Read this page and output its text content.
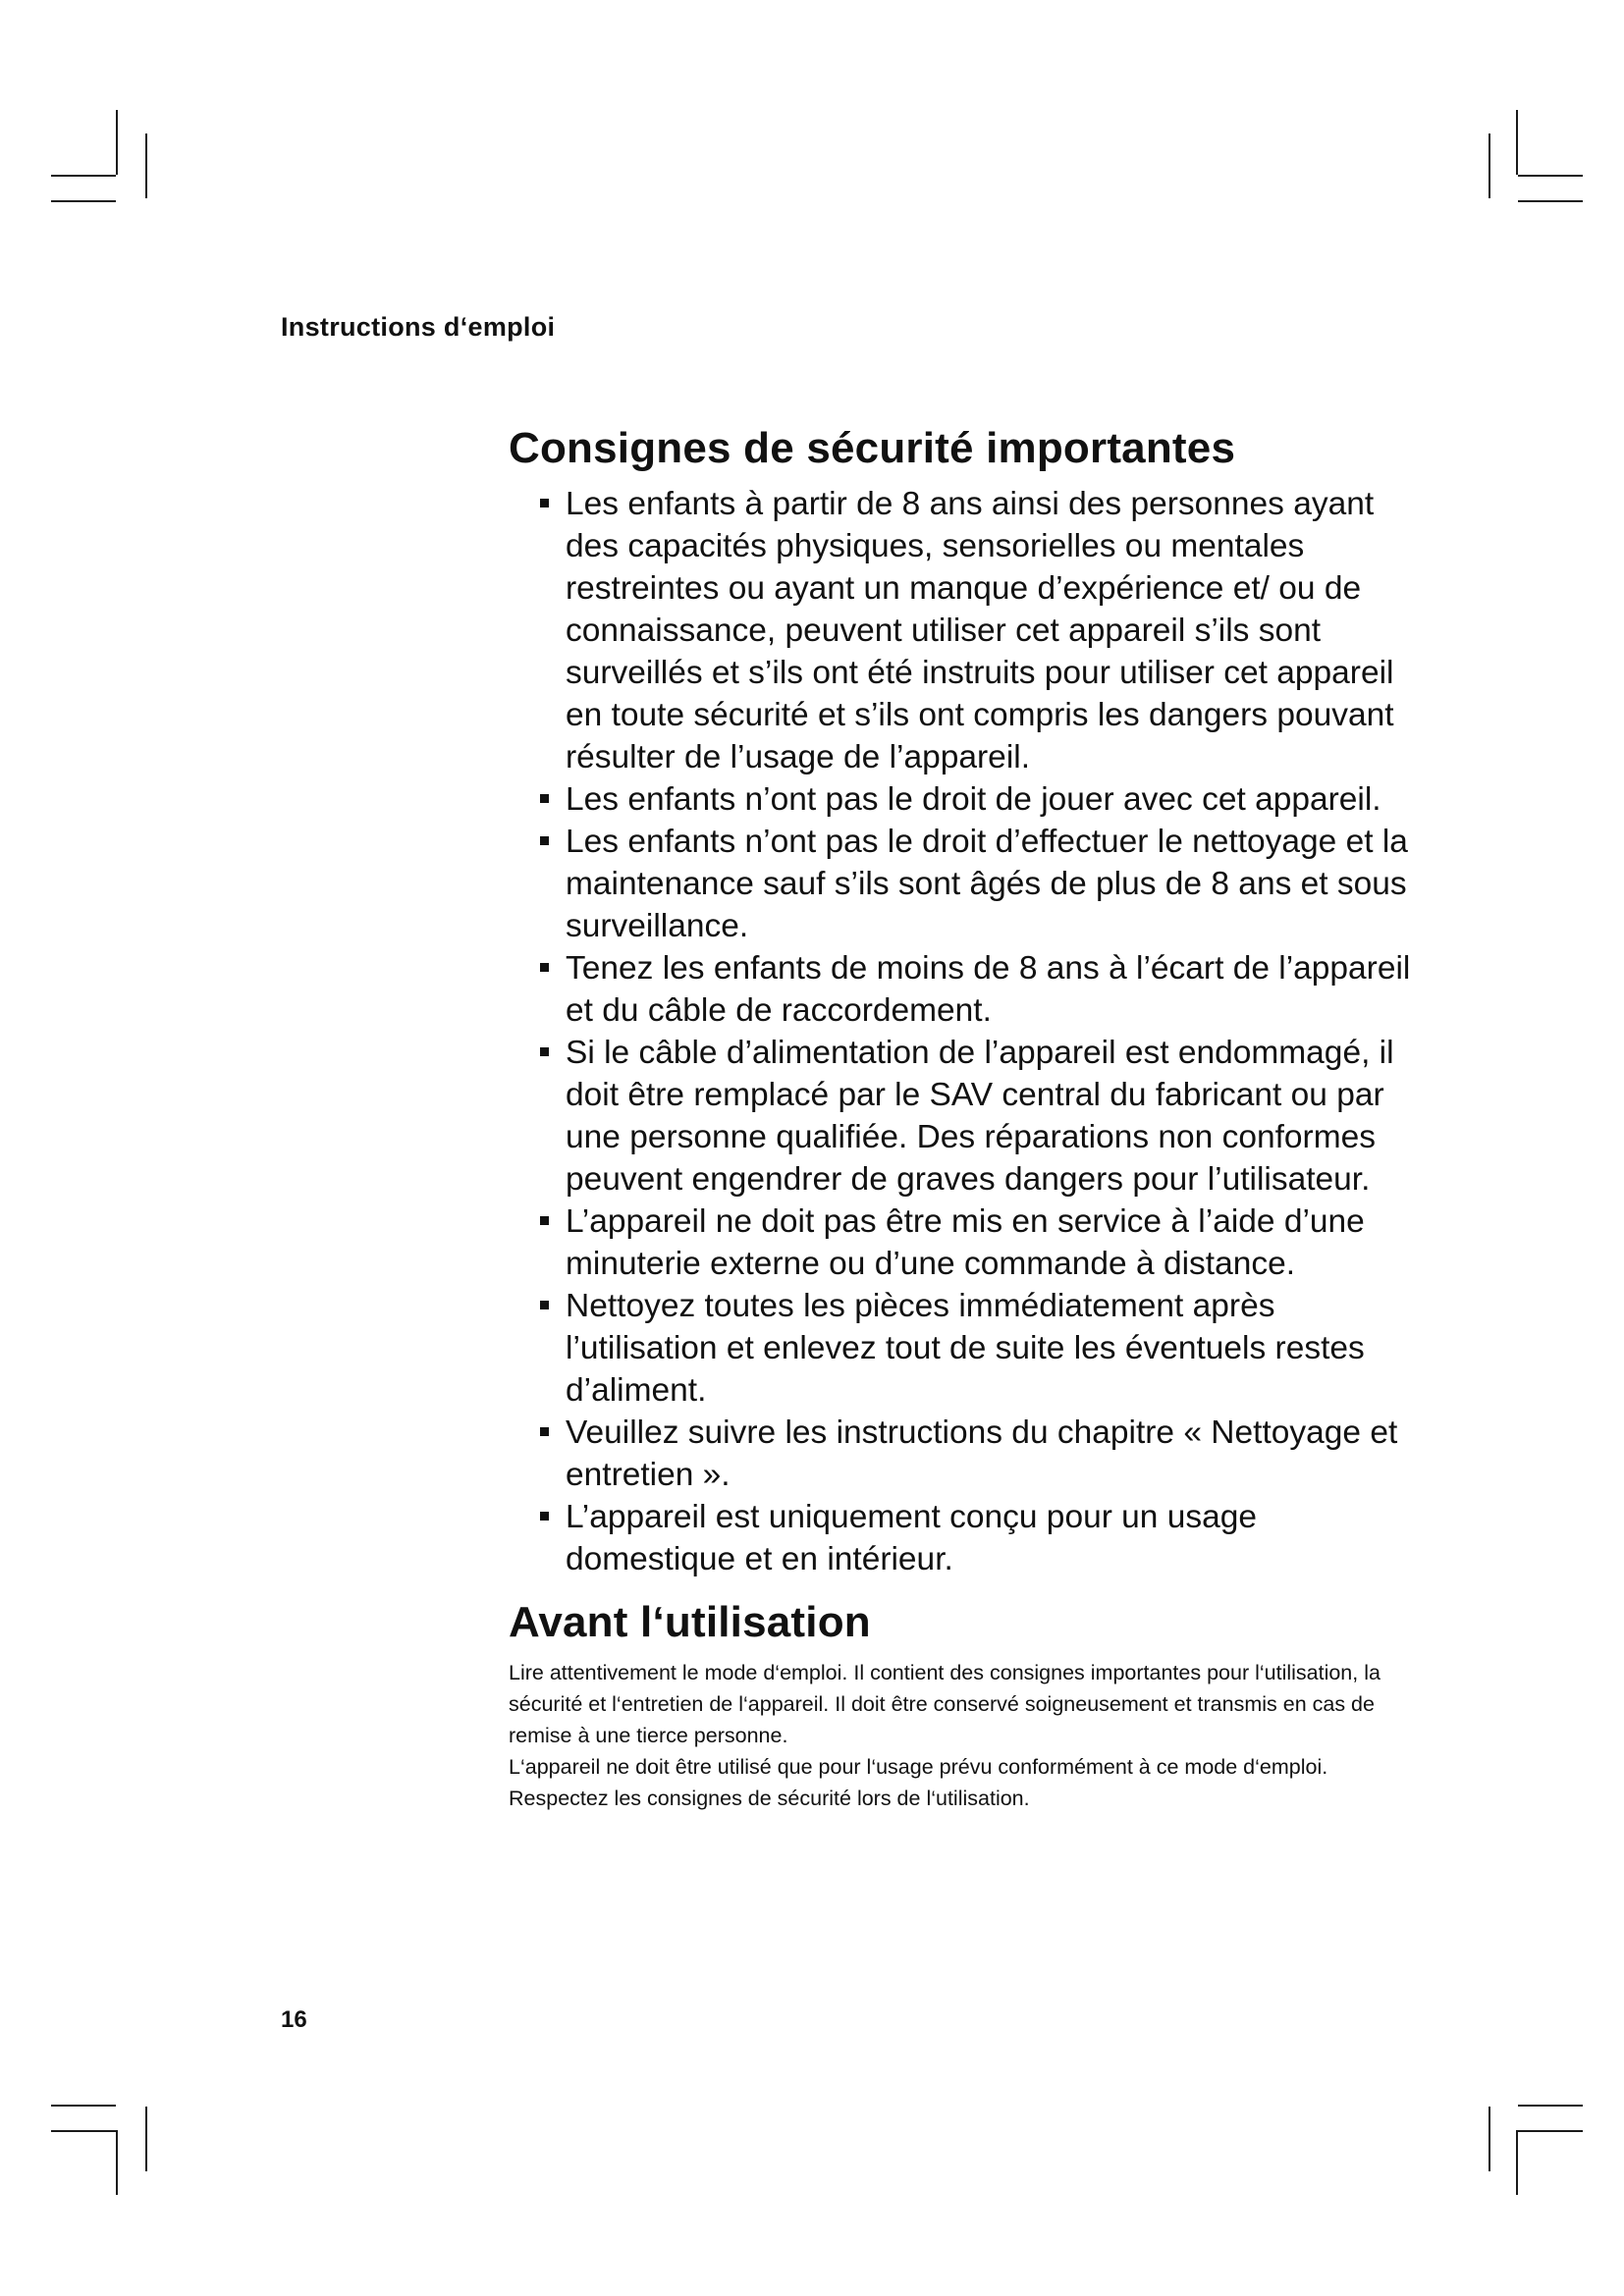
Instructions d‘emploi
Consignes de sécurité importantes
Les enfants à partir de 8 ans ainsi des personnes ayant des capacités physiques, sensorielles ou mentales restreintes ou ayant un manque d’expérience et/ ou de connaissance, peuvent utiliser cet appareil s’ils sont surveillés et s’ils ont été instruits pour utiliser cet appareil en toute sécurité et s’ils ont compris les dangers pouvant résulter de l’usage de l’appareil.
Les enfants n’ont pas le droit de jouer avec cet appareil.
Les enfants n’ont pas le droit d’effectuer le nettoyage et la maintenance sauf s’ils sont âgés de plus de 8 ans et sous surveillance.
Tenez les enfants de moins de 8 ans à l’écart de l’appareil et du câble de raccordement.
Si le câble d’alimentation de l’appareil est endommagé, il doit être remplacé par le SAV central du fabricant ou par une personne qualifiée. Des réparations non conformes peuvent engendrer de graves dangers pour l’utilisateur.
L’appareil ne doit pas être mis en service à l’aide d’une minuterie externe ou d’une commande à distance.
Nettoyez toutes les pièces immédiatement après l’utilisation et enlevez tout de suite les éventuels restes d’aliment.
Veuillez suivre les instructions du chapitre « Nettoyage et entretien ».
L’appareil est uniquement conçu pour un usage domestique et en intérieur.
Avant l‘utilisation

Lire attentivement le mode d‘emploi. Il contient des consignes importantes pour l‘utilisation, la sécurité et l‘entretien de l‘appareil. Il doit être conservé soigneusement et transmis en cas de remise à une tierce personne.

L‘appareil ne doit être utilisé que pour l‘usage prévu conformément à ce mode d‘emploi. Respectez les consignes de sécurité lors de l‘utilisation.

16
